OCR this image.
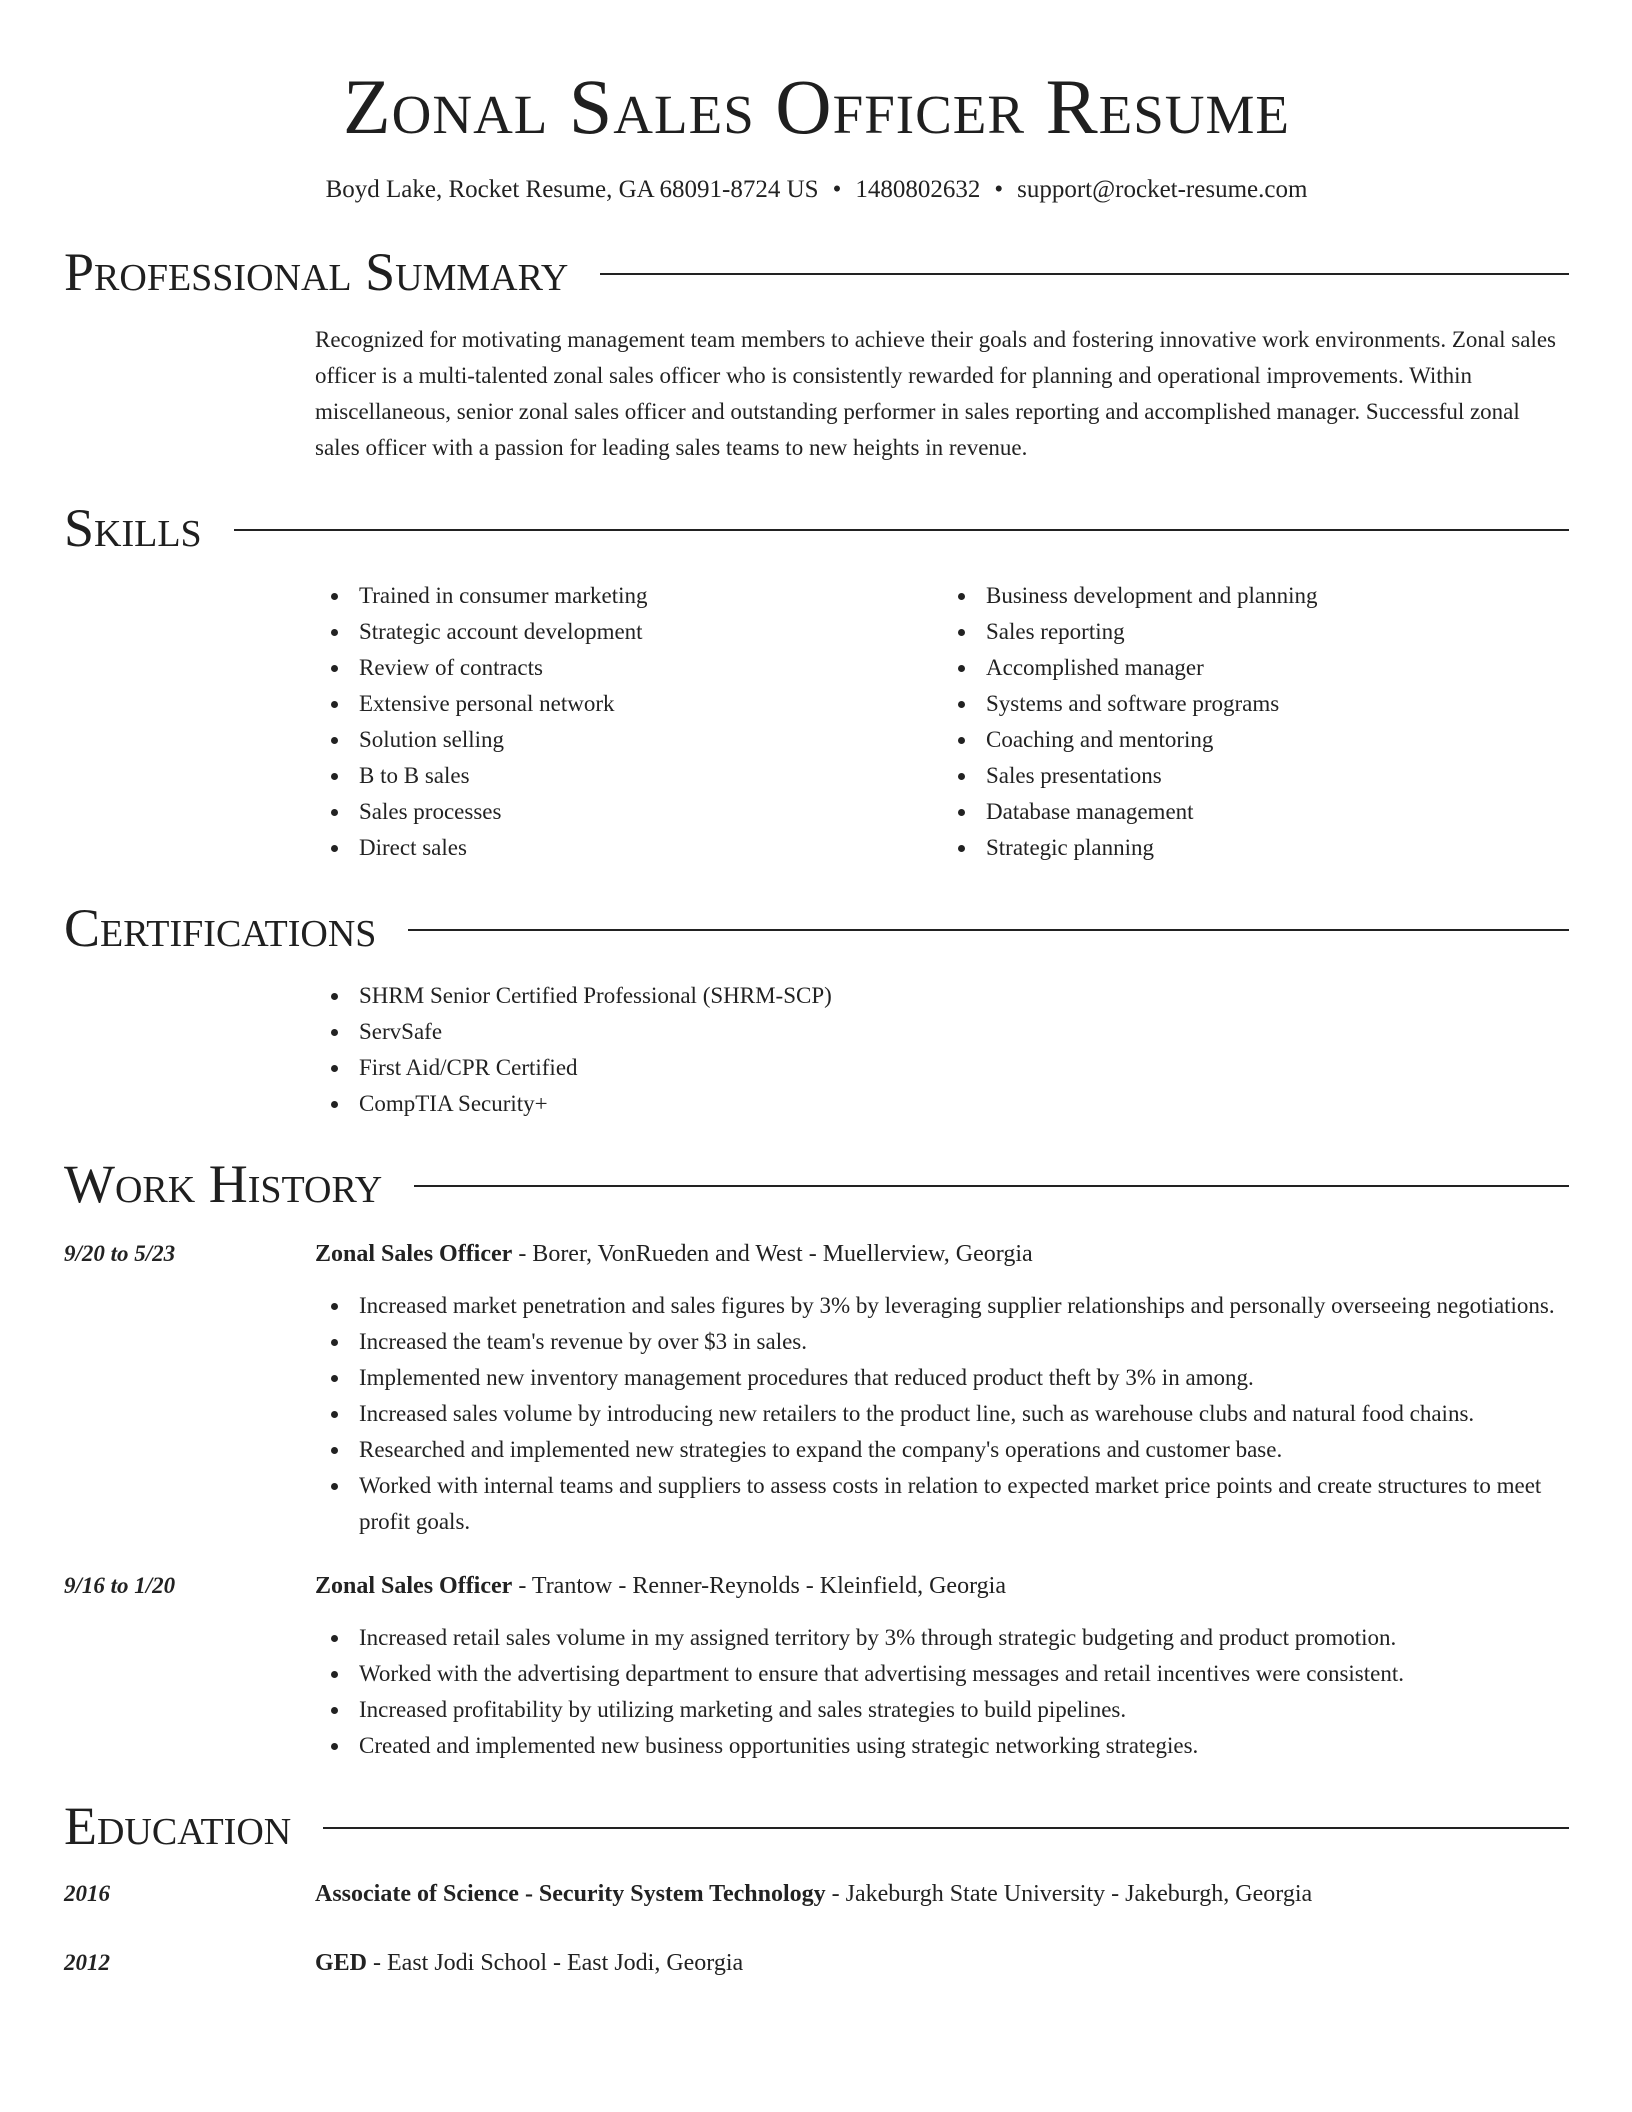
Zonal Sales Officer Resume
Boyd Lake, Rocket Resume, GA 68091-8724 US • 1480802632 • support@rocket-resume.com
Professional Summary
Recognized for motivating management team members to achieve their goals and fostering innovative work environments. Zonal sales officer is a multi-talented zonal sales officer who is consistently rewarded for planning and operational improvements. Within miscellaneous, senior zonal sales officer and outstanding performer in sales reporting and accomplished manager. Successful zonal sales officer with a passion for leading sales teams to new heights in revenue.
Skills
Trained in consumer marketing
Strategic account development
Review of contracts
Extensive personal network
Solution selling
B to B sales
Sales processes
Direct sales
Business development and planning
Sales reporting
Accomplished manager
Systems and software programs
Coaching and mentoring
Sales presentations
Database management
Strategic planning
Certifications
SHRM Senior Certified Professional (SHRM-SCP)
ServSafe
First Aid/CPR Certified
CompTIA Security+
Work History
9/20 to 5/23	Zonal Sales Officer - Borer, VonRueden and West - Muellerview, Georgia
Increased market penetration and sales figures by 3% by leveraging supplier relationships and personally overseeing negotiations.
Increased the team's revenue by over $3 in sales.
Implemented new inventory management procedures that reduced product theft by 3% in among.
Increased sales volume by introducing new retailers to the product line, such as warehouse clubs and natural food chains.
Researched and implemented new strategies to expand the company's operations and customer base.
Worked with internal teams and suppliers to assess costs in relation to expected market price points and create structures to meet profit goals.
9/16 to 1/20	Zonal Sales Officer - Trantow - Renner-Reynolds - Kleinfield, Georgia
Increased retail sales volume in my assigned territory by 3% through strategic budgeting and product promotion.
Worked with the advertising department to ensure that advertising messages and retail incentives were consistent.
Increased profitability by utilizing marketing and sales strategies to build pipelines.
Created and implemented new business opportunities using strategic networking strategies.
Education
2016	Associate of Science - Security System Technology - Jakeburgh State University - Jakeburgh, Georgia
2012	GED - East Jodi School - East Jodi, Georgia
